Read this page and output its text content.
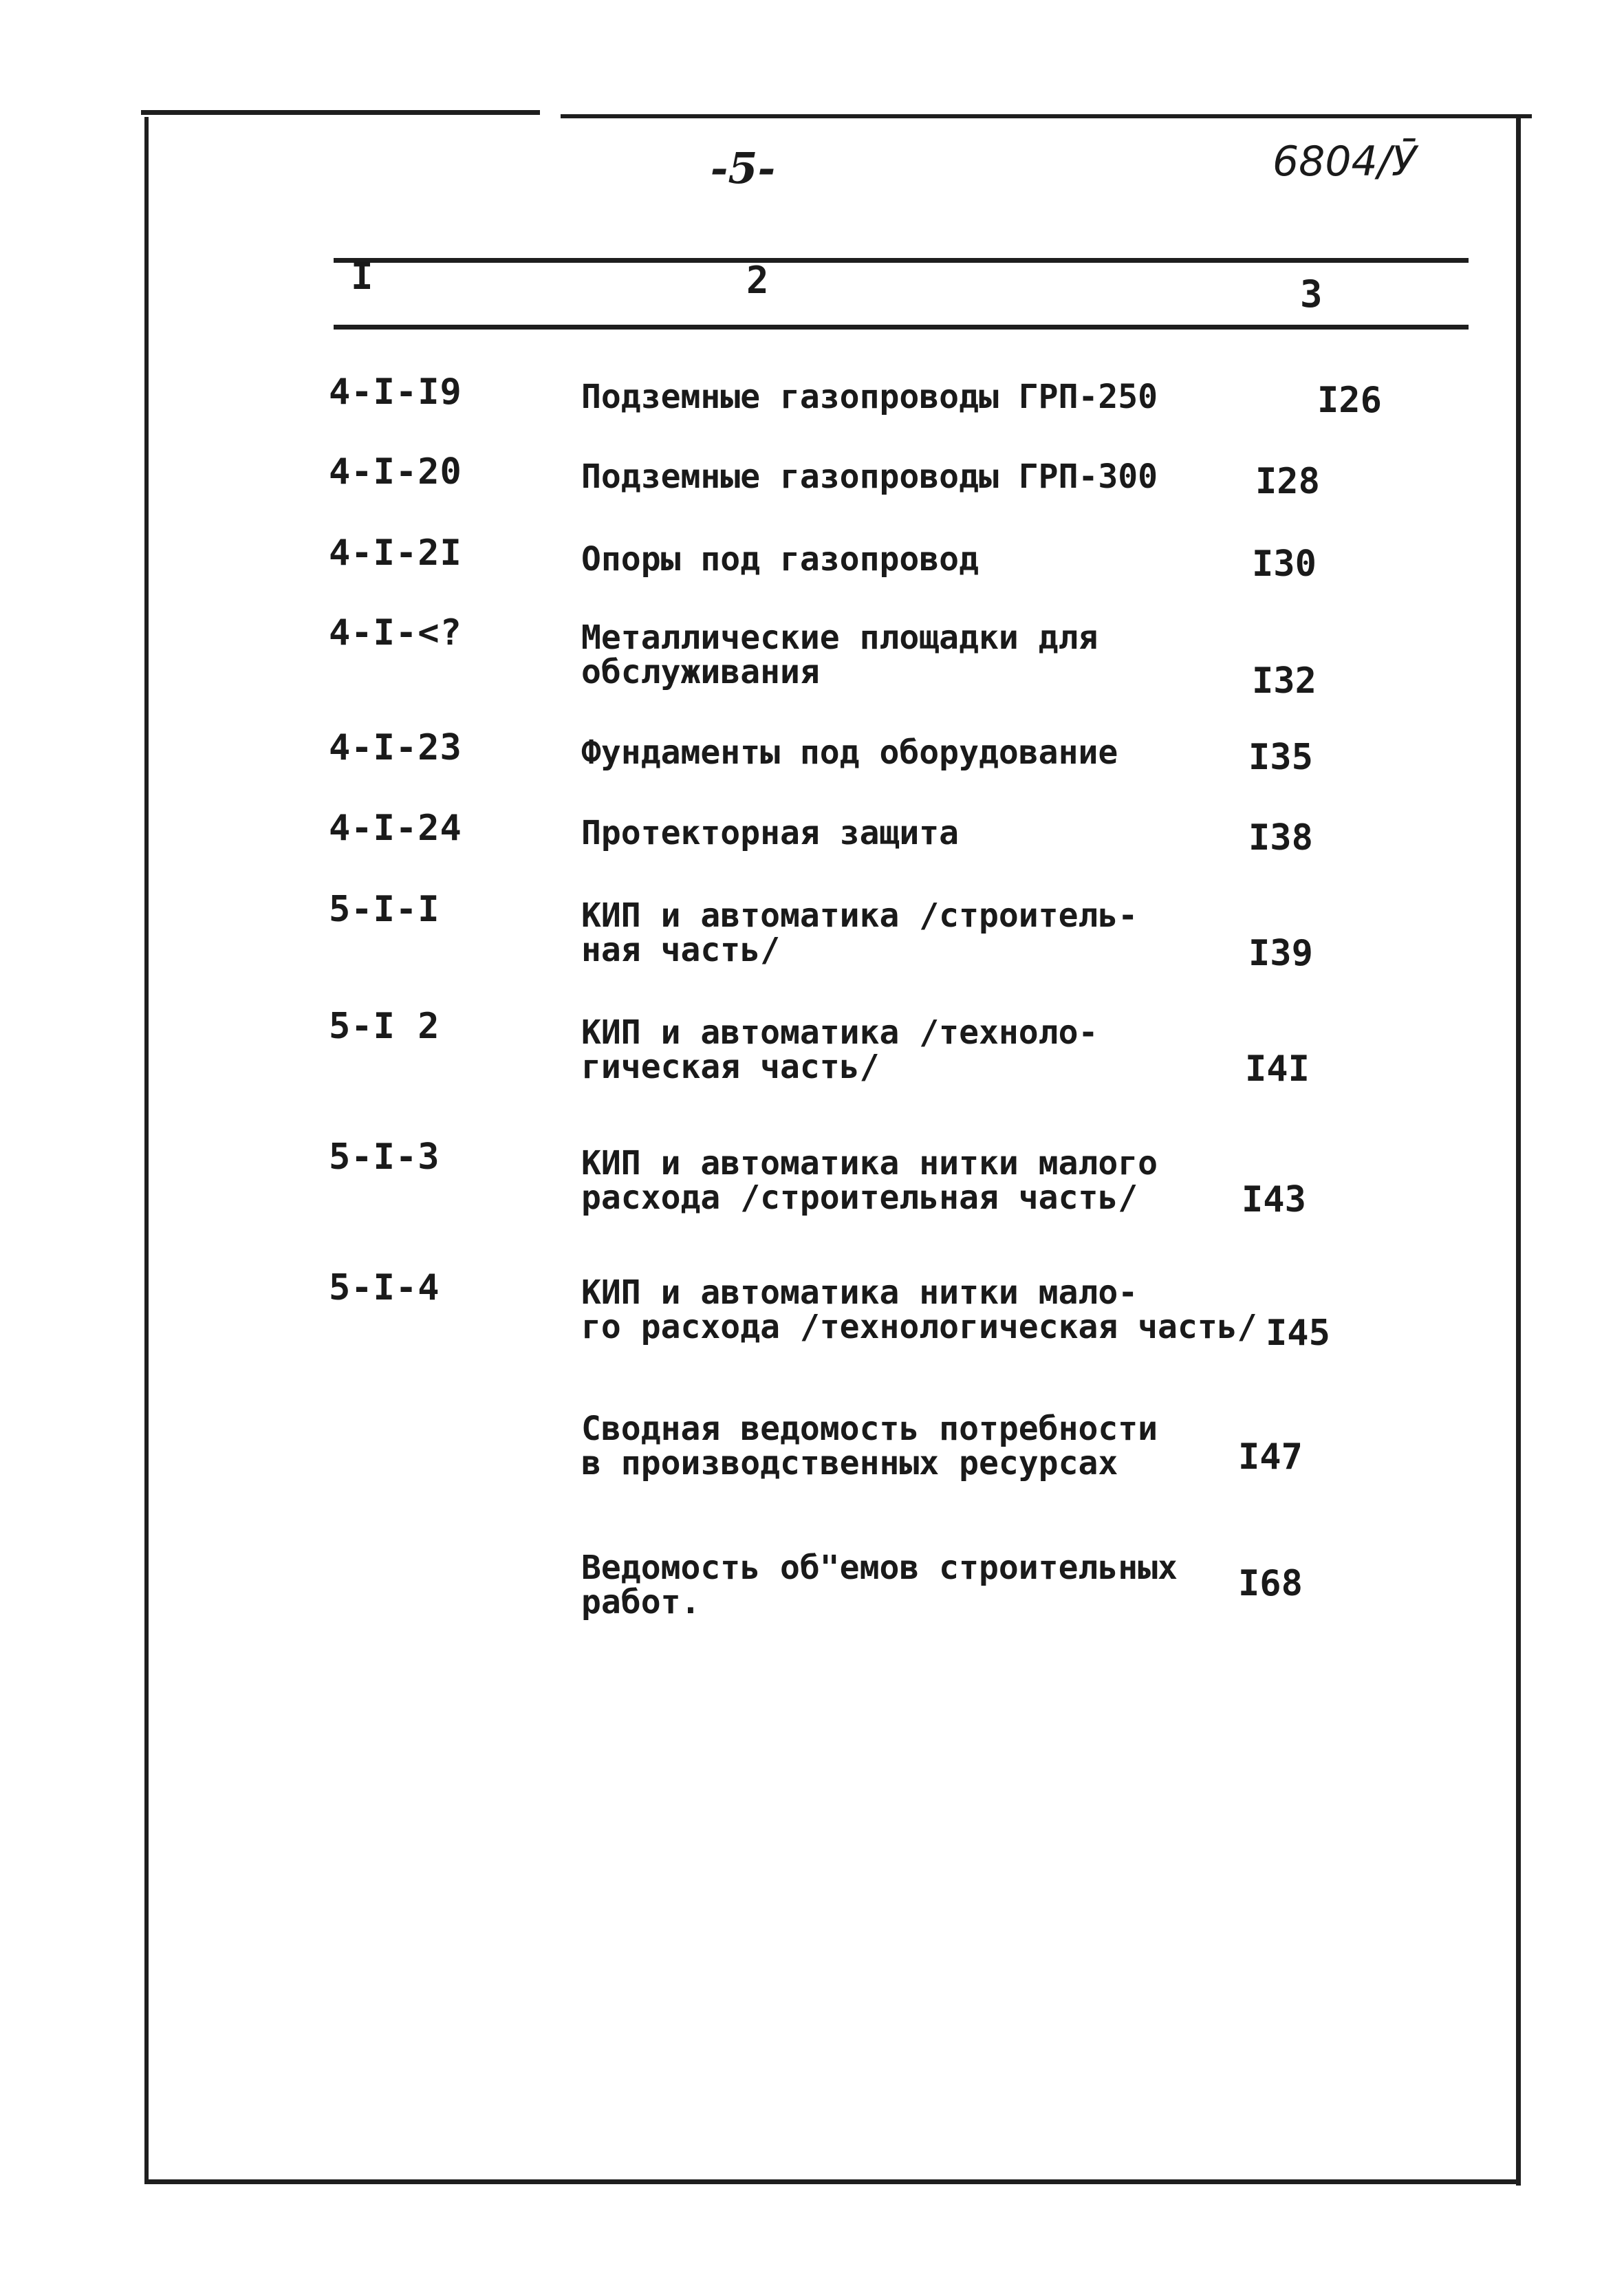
-5-	6804/Ӯ
I	2	3
4-I-I9	Подземные газопроводы ГРП-250	I26
4-I-20	Подземные газопроводы ГРП-300	I28
4-I-2I	Опоры под газопровод	I30
4-I-<?	Металлические площадки для
обслуживания	I32
4-I-23	Фундаменты под оборудование	I35
4-I-24	Протекторная защита	I38
5-I-I	КИП и автоматика /строитель-
ная часть/	I39
5-I 2	КИП и автоматика /техноло-
гическая часть/	I4I
5-I-3	КИП и автоматика нитки малого
расхода /строительная часть/	I43
5-I-4	КИП и автоматика нитки мало-
го расхода /технологическая часть/ I45
Сводная ведомость потребности
в производственных ресурсах	I47
Ведомость об"емов строительных
работ.	I68
